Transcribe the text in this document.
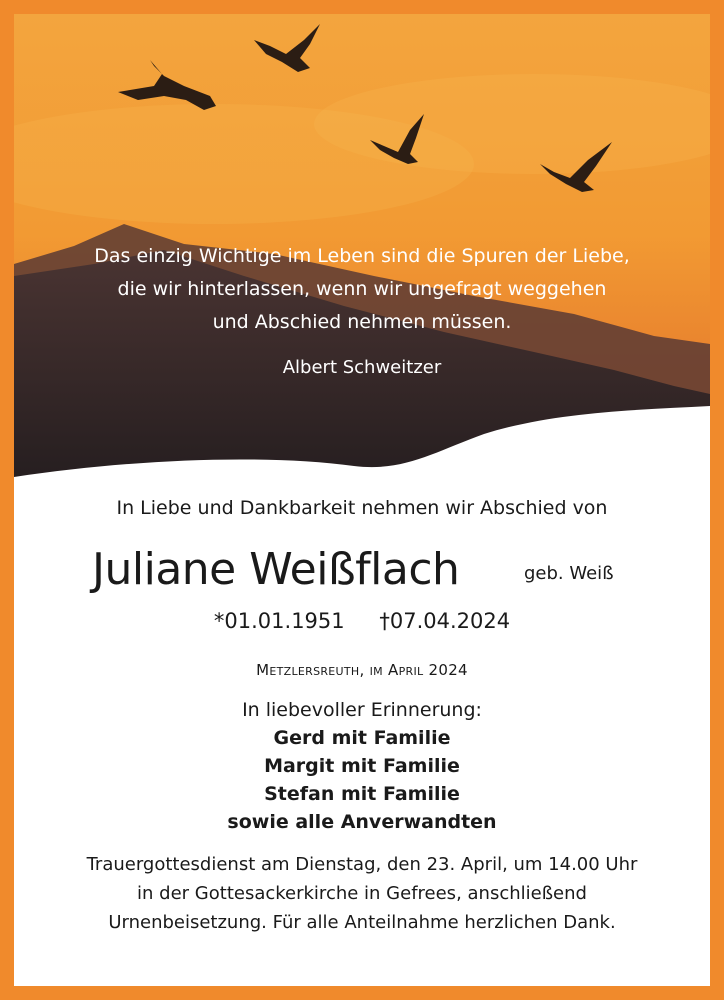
Das einzig Wichtige im Leben sind die Spuren der Liebe,
die wir hinterlassen, wenn wir ungefragt weggehen
und Abschied nehmen müssen.
Albert Schweitzer
In Liebe und Dankbarkeit nehmen wir Abschied von
Juliane Weißflach	geb. Weiß
*01.01.1951 †07.04.2024
Metzlersreuth, im April 2024
In liebevoller Erinnerung:
Gerd mit Familie
Margit mit Familie
Stefan mit Familie
sowie alle Anverwandten
Trauergottesdienst am Dienstag, den 23. April, um 14.00 Uhr
in der Gottesackerkirche in Gefrees, anschließend
Urnenbeisetzung. Für alle Anteilnahme herzlichen Dank.
